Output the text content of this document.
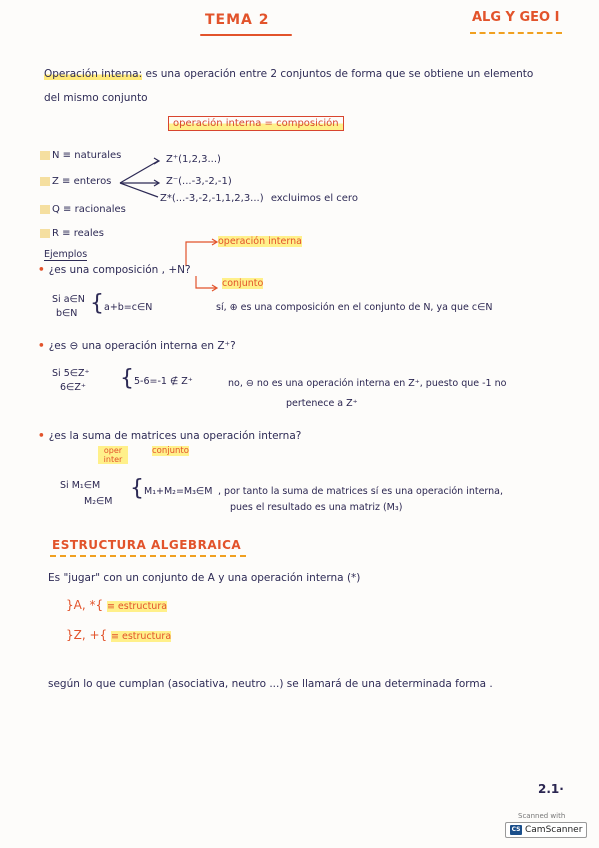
TEMA 2	ALG Y GEO I
Operación interna: es una operación entre 2 conjuntos de forma que se obtiene un elemento
del mismo conjunto
operación interna = composición
N ≡ naturales
Z ≡ enteros
Q ≡ racionales
R ≡ reales
Z⁺(1,2,3...)
Z⁻(...-3,-2,-1)
Z*(...-3,-2,-1,1,2,3...) excluimos el cero
Ejemplos
operación interna
• ¿es una composición , +N?
conjunto
Si a∈N
b∈N { a+b=c∈N	sí, ⊕ es una composición en el conjunto de N, ya que c∈N
• ¿es ⊖ una operación interna en Z⁺?
Si 5∈Z⁺
6∈Z⁺ { 5-6=-1 ∉ Z⁺	no, ⊖ no es una operación interna en Z⁺, puesto que -1 no
pertenece a Z⁺
• ¿es la suma de matrices una operación interna?
oper inter
conjunto
Si M₁∈M
M₂∈M
{ M₁+M₂=M₃∈M , por tanto la suma de matrices sí es una operación interna,
pues el resultado es una matriz (M₃)
ESTRUCTURA ALGEBRAICA
Es "jugar" con un conjunto de A y una operación interna (*)
}A, *{ ≡ estructura
}Z, +{ ≡ estructura
según lo que cumplan (asociativa, neutro ...) se llamará de una determinada forma .
2.1·
Scanned with
CS CamScanner
